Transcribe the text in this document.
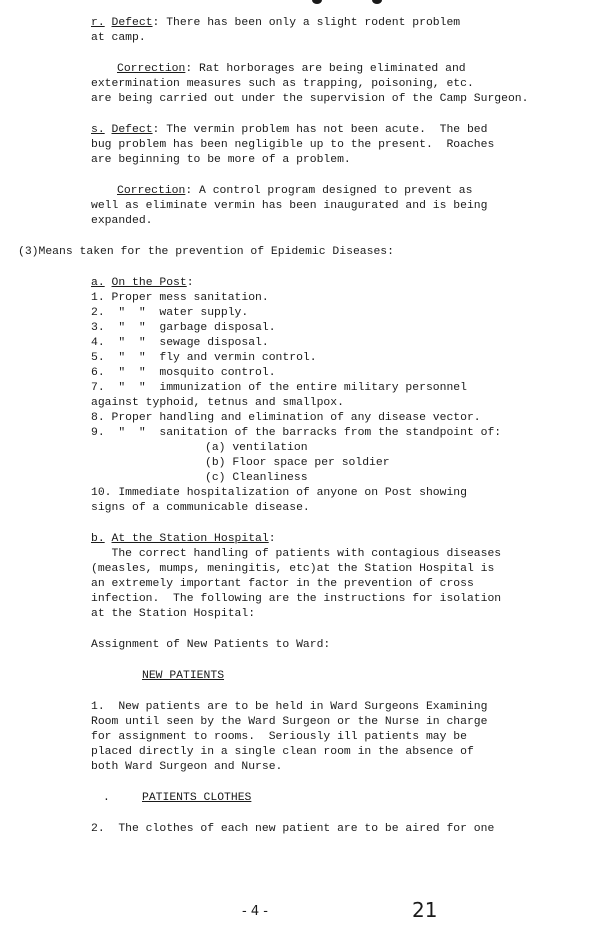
r. Defect: There has been only a slight rodent problem
at camp.
Correction: Rat horborages are being eliminated and
extermination measures such as trapping, poisoning, etc.
are being carried out under the supervision of the Camp Surgeon.
s. Defect: The vermin problem has not been acute.  The bed
bug problem has been negligible up to the present.  Roaches
are beginning to be more of a problem.
Correction: A control program designed to prevent as
well as eliminate vermin has been inaugurated and is being
expanded.
(3)Means taken for the prevention of Epidemic Diseases:
a. On the Post:
1. Proper mess sanitation.
2.  "  "  water supply.
3.  "  "  garbage disposal.
4.  "  "  sewage disposal.
5.  "  "  fly and vermin control.
6.  "  "  mosquito control.
7.  "  "  immunization of the entire military personnel
against typhoid, tetnus and smallpox.
8. Proper handling and elimination of any disease vector.
9.  "  "  sanitation of the barracks from the standpoint of:
(a) ventilation
(b) Floor space per soldier
(c) Cleanliness
10. Immediate hospitalization of anyone on Post showing
signs of a communicable disease.
b. At the Station Hospital:
The correct handling of patients with contagious diseases
(measles, mumps, meningitis, etc)at the Station Hospital is
an extremely important factor in the prevention of cross
infection.  The following are the instructions for isolation
at the Station Hospital:
Assignment of New Patients to Ward:
NEW PATIENTS
1.  New patients are to be held in Ward Surgeons Examining
Room until seen by the Ward Surgeon or the Nurse in charge
for assignment to rooms.  Seriously ill patients may be
placed directly in a single clean room in the absence of
both Ward Surgeon and Nurse.
.	PATIENTS CLOTHES
2.  The clothes of each new patient are to be aired for one
- 4 -	21
